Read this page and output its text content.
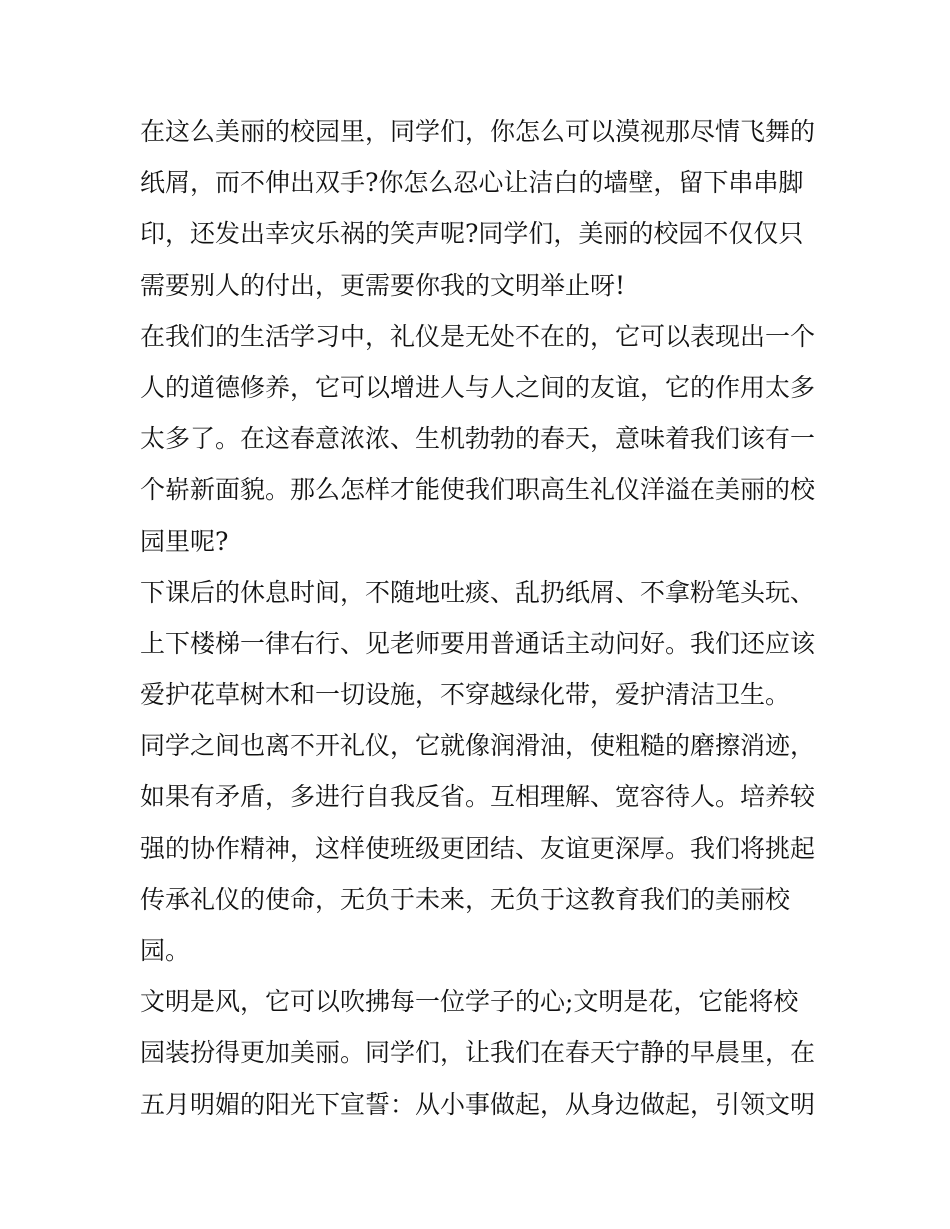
在这么美丽的校园里，同学们，你怎么可以漠视那尽情飞舞的
纸屑，而不伸出双手?你怎么忍心让洁白的墙壁，留下串串脚
印，还发出幸灾乐祸的笑声呢?同学们，美丽的校园不仅仅只
需要别人的付出，更需要你我的文明举止呀!
在我们的生活学习中，礼仪是无处不在的，它可以表现出一个
人的道德修养，它可以增进人与人之间的友谊，它的作用太多
太多了。在这春意浓浓、生机勃勃的春天，意味着我们该有一
个崭新面貌。那么怎样才能使我们职高生礼仪洋溢在美丽的校
园里呢?
下课后的休息时间，不随地吐痰、乱扔纸屑、不拿粉笔头玩、
上下楼梯一律右行、见老师要用普通话主动问好。我们还应该
爱护花草树木和一切设施，不穿越绿化带，爱护清洁卫生。
同学之间也离不开礼仪，它就像润滑油，使粗糙的磨擦消迹，
如果有矛盾，多进行自我反省。互相理解、宽容待人。培养较
强的协作精神，这样使班级更团结、友谊更深厚。我们将挑起
传承礼仪的使命，无负于未来，无负于这教育我们的美丽校
园。
文明是风，它可以吹拂每一位学子的心;文明是花，它能将校
园装扮得更加美丽。同学们，让我们在春天宁静的早晨里，在
五月明媚的阳光下宣誓：从小事做起，从身边做起，引领文明
